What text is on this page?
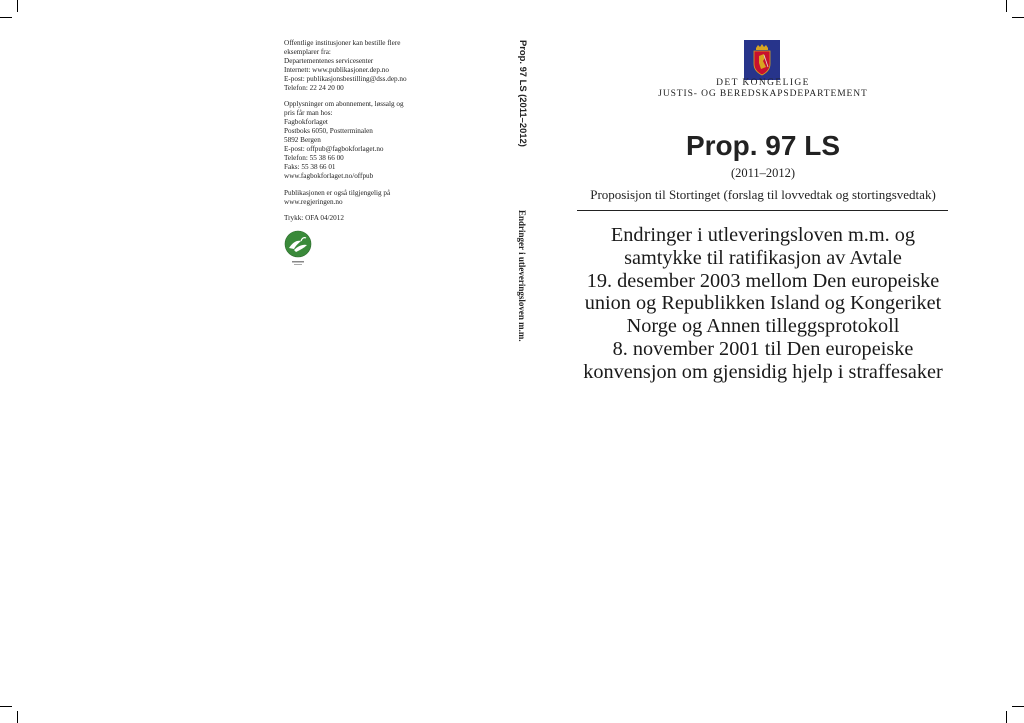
Offentlige institusjoner kan bestille flere
eksemplarer fra:
Departementenes servicesenter
Internett: www.publikasjoner.dep.no
E-post: publikasjonsbestilling@dss.dep.no
Telefon: 22 24 20 00
Opplysninger om abonnement, løssalg og
pris får man hos:
Fagbokforlaget
Postboks 6050, Postterminalen
5892 Bergen
E-post: offpub@fagbokforlaget.no
Telefon: 55 38 66 00
Faks: 55 38 66 01
www.fagbokforlaget.no/offpub
Publikasjonen er også tilgjengelig på
www.regjeringen.no
Trykk: OFA 04/2012
Prop. 97 LS (2011–2012)
Endringer i utleveringsloven m.m.
DET KONGELIGE
JUSTIS- OG BEREDSKAPSDEPARTEMENT
Prop. 97 LS
(2011–2012)
Proposisjon til Stortinget (forslag til lovvedtak og stortingsvedtak)
Endringer i utleveringsloven m.m. og
samtykke til ratifikasjon av Avtale
19. desember 2003 mellom Den europeiske
union og Republikken Island og Kongeriket
Norge og Annen tilleggsprotokoll
8. november 2001 til Den europeiske
konvensjon om gjensidig hjelp i straffesaker
